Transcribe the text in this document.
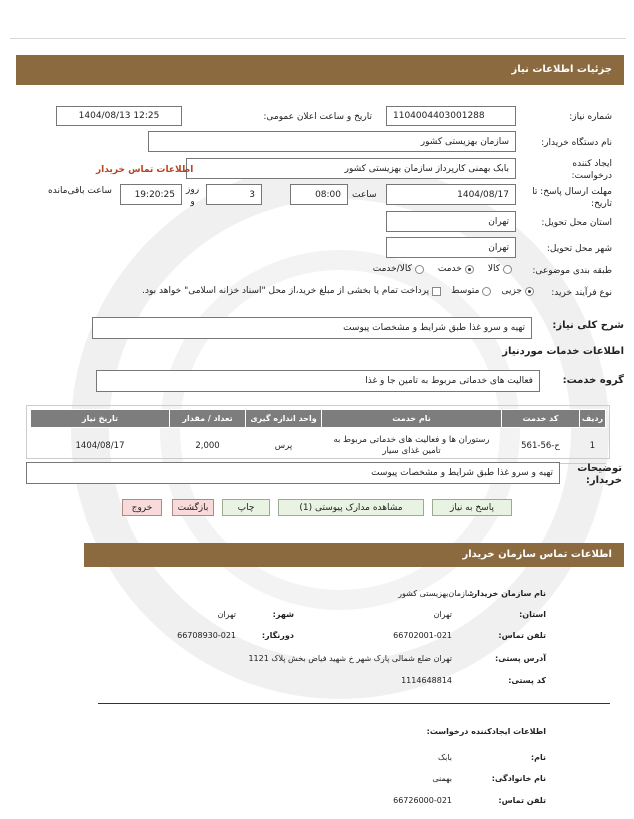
جزئیات اطلاعات نیاز
شماره نیاز:
1104004403001288
تاریخ و ساعت اعلان عمومی:
1404/08/13 12:25
نام دستگاه خریدار:
سازمان بهزیستی کشور
ایجاد کننده
درخواست:
بابک بهمنی کارپرداز سازمان بهزیستی کشور
اطلاعات تماس خریدار
مهلت ارسال پاسخ: تا
تاریخ:
1404/08/17
ساعت
08:00
3
روز
و
19:20:25
ساعت باقی‌مانده
استان محل تحویل:
تهران
شهر محل تحویل:
تهران
طبقه بندی موضوعی:
کالا
خدمت
کالا/خدمت
نوع فرآیند خرید:
جزیی
متوسط
پرداخت تمام یا بخشی از مبلغ خرید،از محل "اسناد خزانه اسلامی" خواهد بود.
شرح کلی نیاز:
تهیه و سرو غذا طبق شرایط و مشخصات پیوست
اطلاعات خدمات موردنیاز
گروه خدمت:
فعالیت های خدماتی مربوط به تامین جا و غذا
ردیف	کد خدمت	نام خدمت	واحد اندازه گیری	تعداد / مقدار	تاریخ نیاز
1	ح-56-561	رستوران ها و فعالیت های خدماتی مربوط به تامین غذای سیار	پرس	2,000	1404/08/17
توضیحات
خریدار:
تهیه و سرو غذا طبق شرایط و مشخصات پیوست
پاسخ به نیاز
مشاهده مدارک پیوستی (1)
چاپ
بازگشت
خروج
اطلاعات تماس سازمان خریدار
نام سازمان خریدار:
سازمان‌بهزیستی کشور
استان:
تهران
شهر:
تهران
تلفن تماس:
66702001-021
دورنگار:
66708930-021
آدرس پستی:
تهران ضلع شمالی پارک شهر خ شهید فیاض بخش پلاک 1121
کد پستی:
1114648814
اطلاعات ایجادکننده درخواست:
نام:
بابک
نام خانوادگی:
بهمنی
تلفن تماس:
66726000-021
